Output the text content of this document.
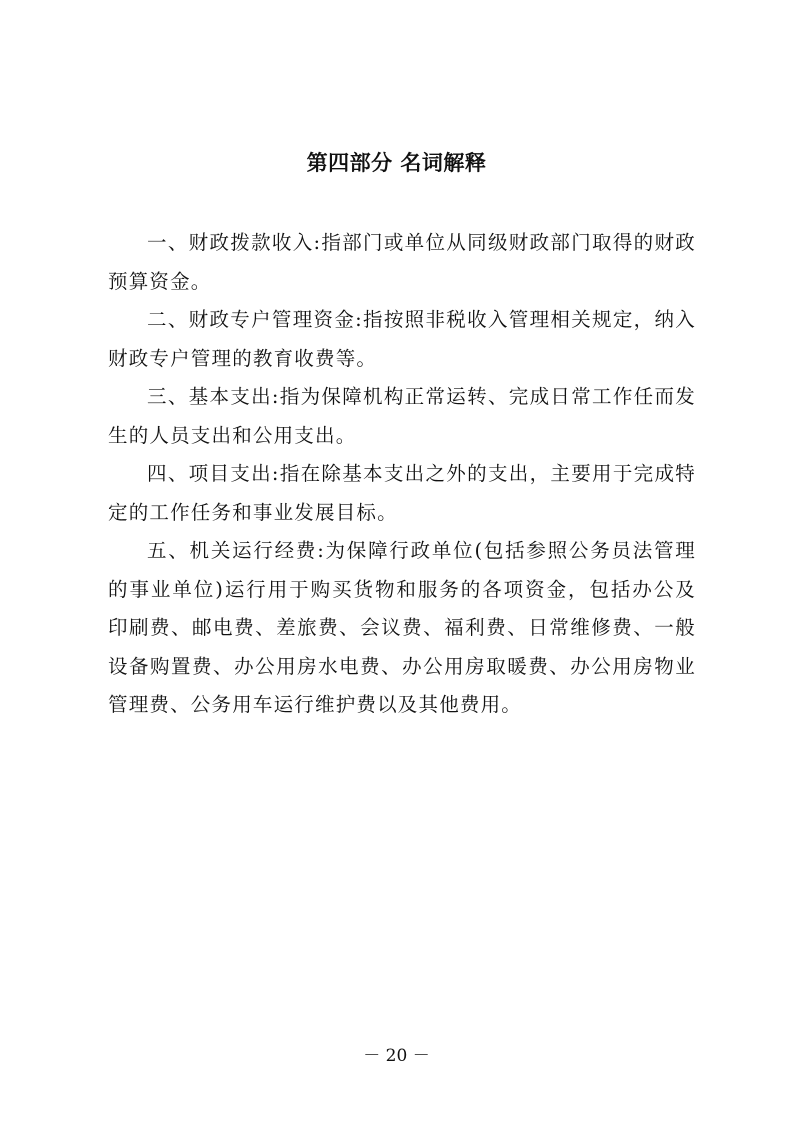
第四部分 名词解释

一、财政拨款收入:指部门或单位从同级财政部门取得的财政预算资金。

二、财政专户管理资金:指按照非税收入管理相关规定，纳入财政专户管理的教育收费等。

三、基本支出:指为保障机构正常运转、完成日常工作任而发生的人员支出和公用支出。

四、项目支出:指在除基本支出之外的支出，主要用于完成特定的工作任务和事业发展目标。

五、机关运行经费:为保障行政单位(包括参照公务员法管理的事业单位)运行用于购买货物和服务的各项资金，包括办公及印刷费、邮电费、差旅费、会议费、福利费、日常维修费、一般设备购置费、办公用房水电费、办公用房取暖费、办公用房物业管理费、公务用车运行维护费以及其他费用。

－ 20 －
